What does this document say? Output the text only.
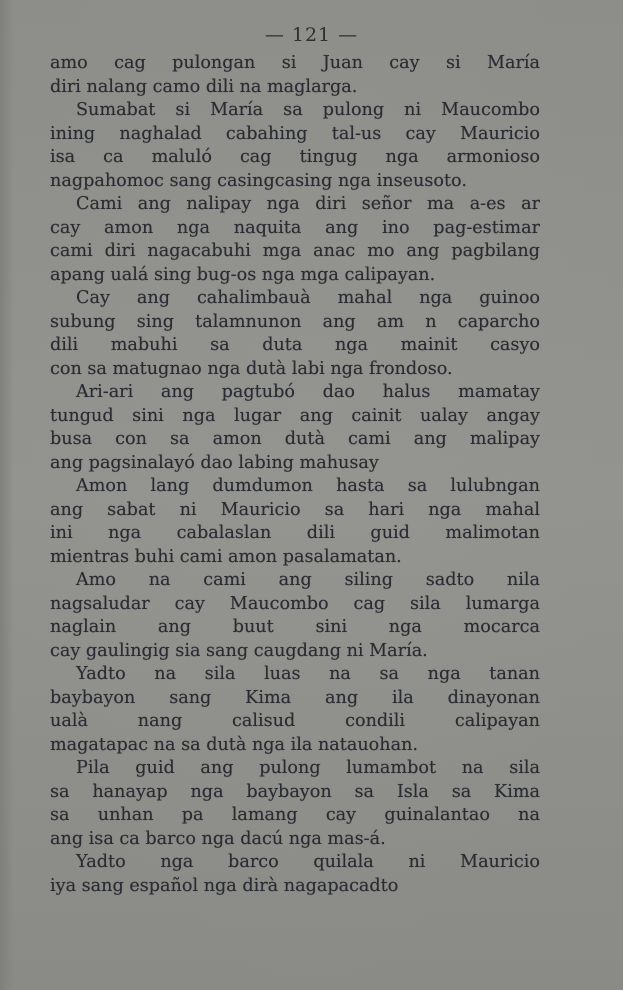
— 121 —
amo cag pulongan si Juan cay si María
diri nalang camo dili na maglarga.
Sumabat si María sa pulong ni Maucombo
ining naghalad cabahing tal-us cay Mauricio
isa ca maluló cag tingug nga armonioso
nagpahomoc sang casingcasing nga inseusoto.
Cami ang nalipay nga diri señor ma a-es ar
cay amon nga naquita ang ino pag-estimar
cami diri nagacabuhi mga anac mo ang pagbilang
apang ualá sing bug-os nga mga calipayan.
Cay ang cahalimbauà mahal nga guinoo
subung sing talamnunon ang am n caparcho
dili mabuhi sa duta nga mainit casyo
con sa matugnao nga dutà labi nga frondoso.
Ari-ari ang pagtubó dao halus mamatay
tungud sini nga lugar ang cainit ualay angay
busa con sa amon dutà cami ang malipay
ang pagsinalayó dao labing mahusay
Amon lang dumdumon hasta sa lulubngan
ang sabat ni Mauricio sa hari nga mahal
ini nga cabalaslan dili guid malimotan
mientras buhi cami amon pasalamatan.
Amo na cami ang siling sadto nila
nagsaludar cay Maucombo cag sila lumarga
naglain ang buut sini nga mocarca
cay gaulingig sia sang caugdang ni María.
Yadto na sila luas na sa nga tanan
baybayon sang Kima ang ila dinayonan
ualà nang calisud condili calipayan
magatapac na sa dutà nga ila natauohan.
Pila guid ang pulong lumambot na sila
sa hanayap nga baybayon sa Isla sa Kima
sa unhan pa lamang cay guinalantao na
ang isa ca barco nga dacú nga mas-á.
Yadto nga barco quilala ni Mauricio
iya sang español nga dirà nagapacadto
